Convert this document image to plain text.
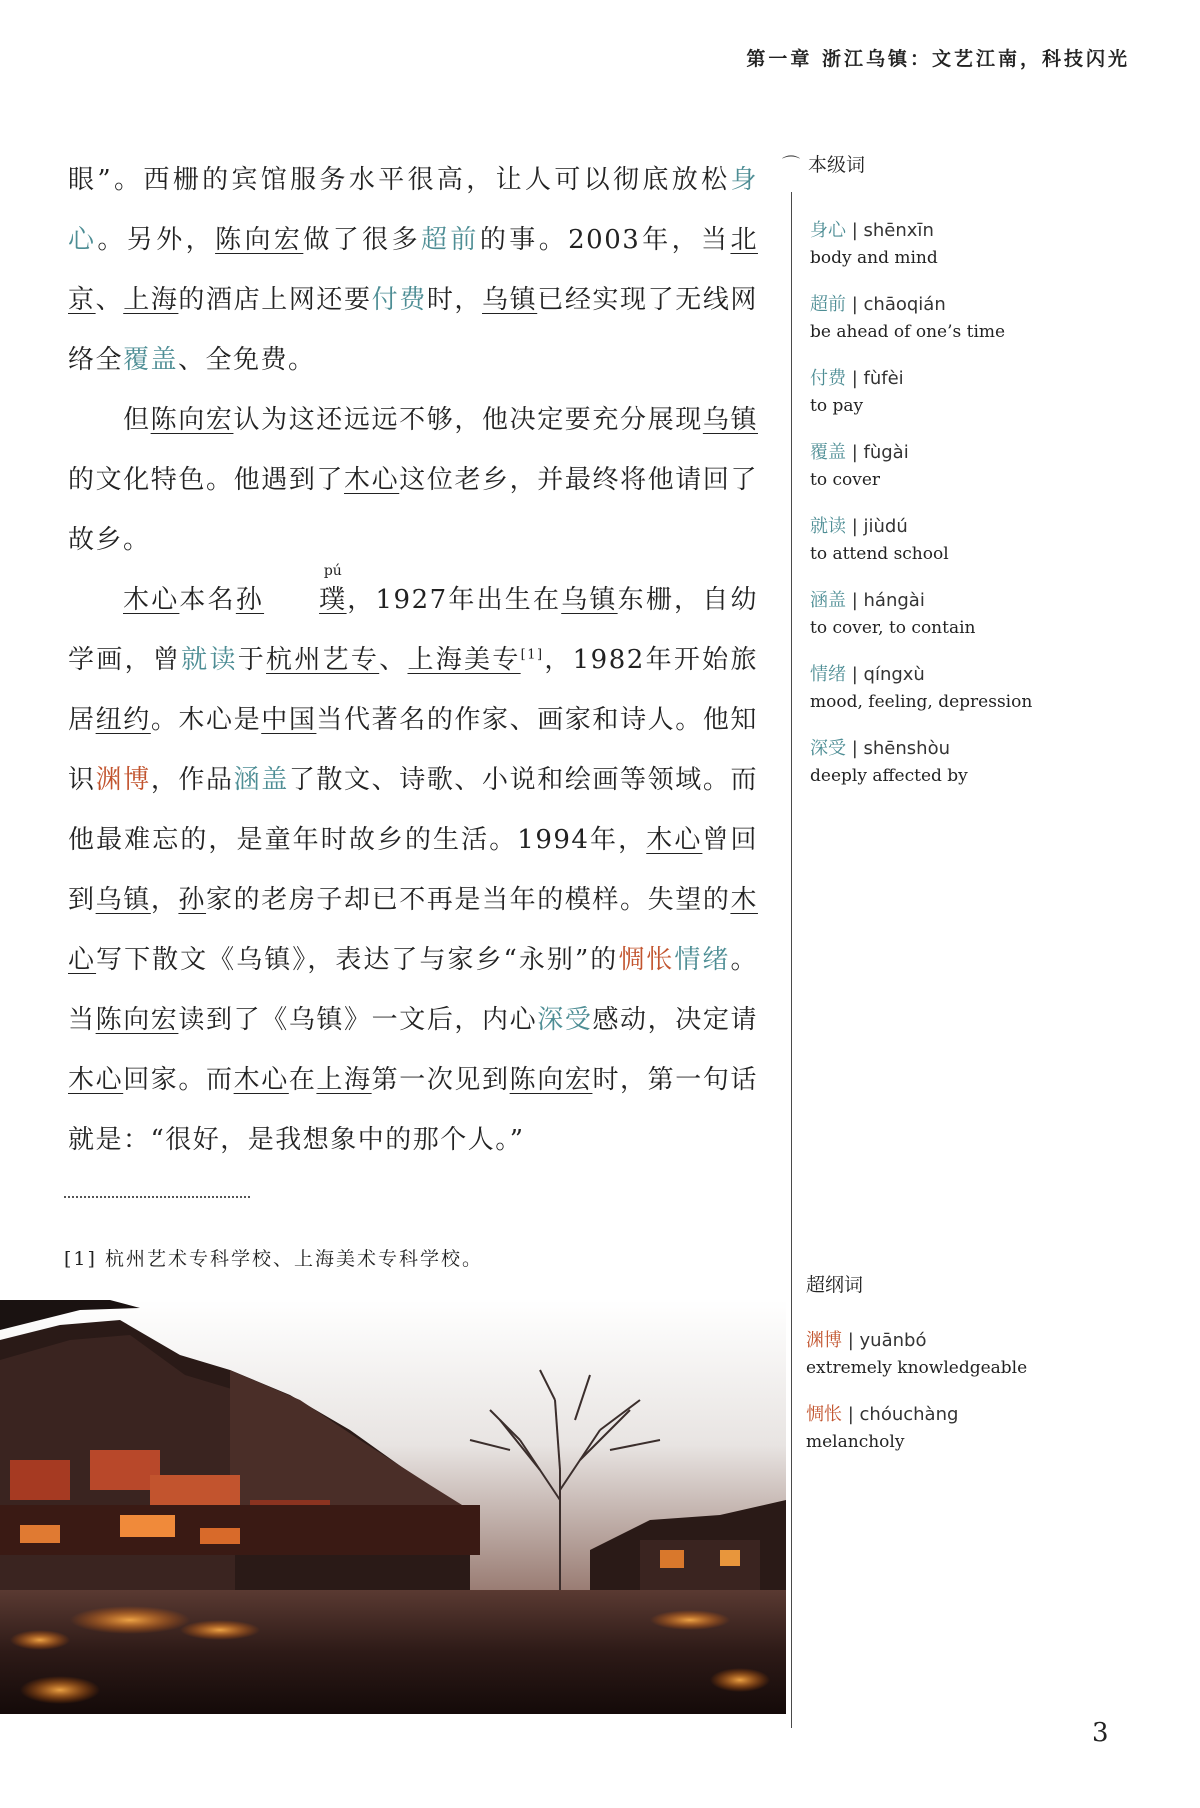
第一章 浙江乌镇：文艺江南，科技闪光

眼”。西栅的宾馆服务水平很高，让人可以彻底放松身心。另外，陈向宏做了很多超前的事。2003年，当北京、上海的酒店上网还要付费时，乌镇已经实现了无线网络全覆盖、全免费。

但陈向宏认为这还远远不够，他决定要充分展现乌镇的文化特色。他遇到了木心这位老乡，并最终将他请回了故乡。

木心本名孙
pú
璞，1927年出生在乌镇东栅，自幼学画，曾就读于杭州艺专、上海美专[1]，1982年开始旅居纽约。木心是中国当代著名的作家、画家和诗人。他知识渊博，作品涵盖了散文、诗歌、小说和绘画等领域。而他最难忘的，是童年时故乡的生活。1994年，木心曾回到乌镇，孙家的老房子却已不再是当年的模样。失望的木心写下散文《乌镇》，表达了与家乡“永别”的惆怅情绪。当陈向宏读到了《乌镇》一文后，内心深受感动，决定请木心回家。而木心在上海第一次见到陈向宏时，第一句话就是：“很好，是我想象中的那个人。”

[1] 杭州艺术专科学校、上海美术专科学校。
⌒ 本级词
身心 | shēnxīn
body and mind
超前 | chāoqián
be ahead of one’s time
付费 | fùfèi
to pay
覆盖 | fùgài
to cover
就读 | jiùdú
to attend school
涵盖 | hángài
to cover, to contain
情绪 | qíngxù
mood, feeling, depression
深受 | shēnshòu
deeply affected by
超纲词
渊博 | yuānbó
extremely knowledgeable
惆怅 | chóuchàng
melancholy
3
